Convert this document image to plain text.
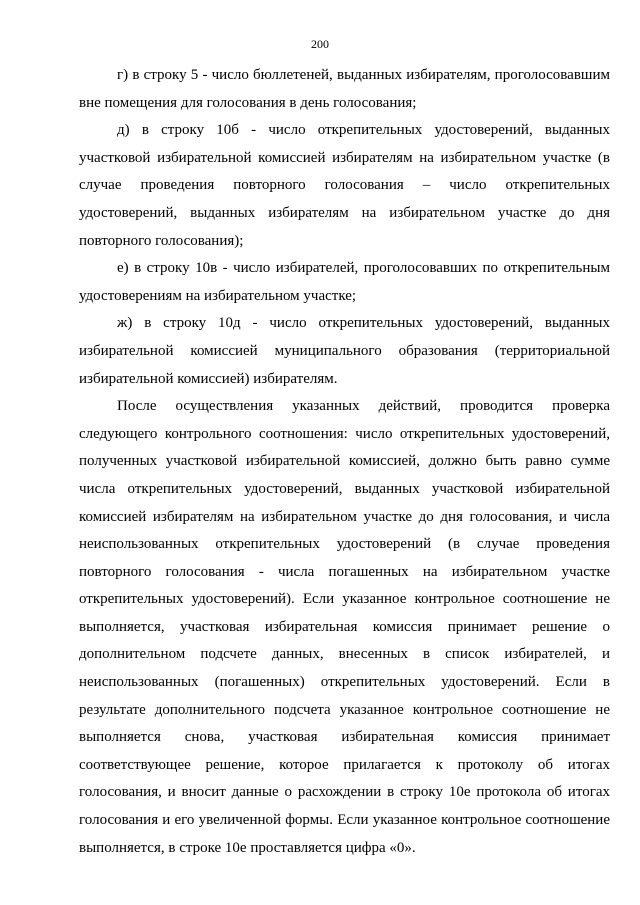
200

г) в строку 5 - число бюллетеней, выданных избирателям, проголосовавшим вне помещения для голосования в день голосования;

д) в строку 10б - число открепительных удостоверений, выданных участковой избирательной комиссией избирателям на избирательном участке (в случае проведения повторного голосования – число открепительных удостоверений, выданных избирателям на избирательном участке до дня повторного голосования);

е) в строку 10в - число избирателей, проголосовавших по открепительным удостоверениям на избирательном участке;

ж) в строку 10д - число открепительных удостоверений, выданных избирательной комиссией муниципального образования (территориальной избирательной комиссией) избирателям.

После осуществления указанных действий, проводится проверка следующего контрольного соотношения: число открепительных удостоверений, полученных участковой избирательной комиссией, должно быть равно сумме числа открепительных удостоверений, выданных участковой избирательной комиссией избирателям на избирательном участке до дня голосования, и числа неиспользованных открепительных удостоверений (в случае проведения повторного голосования - числа погашенных на избирательном участке открепительных удостоверений). Если указанное контрольное соотношение не выполняется, участковая избирательная комиссия принимает решение о дополнительном подсчете данных, внесенных в список избирателей, и неиспользованных (погашенных) открепительных удостоверений. Если в результате дополнительного подсчета указанное контрольное соотношение не выполняется снова, участковая избирательная комиссия принимает соответствующее решение, которое прилагается к протоколу об итогах голосования, и вносит данные о расхождении в строку 10е протокола об итогах голосования и его увеличенной формы. Если указанное контрольное соотношение выполняется, в строке 10е проставляется цифра «0».
